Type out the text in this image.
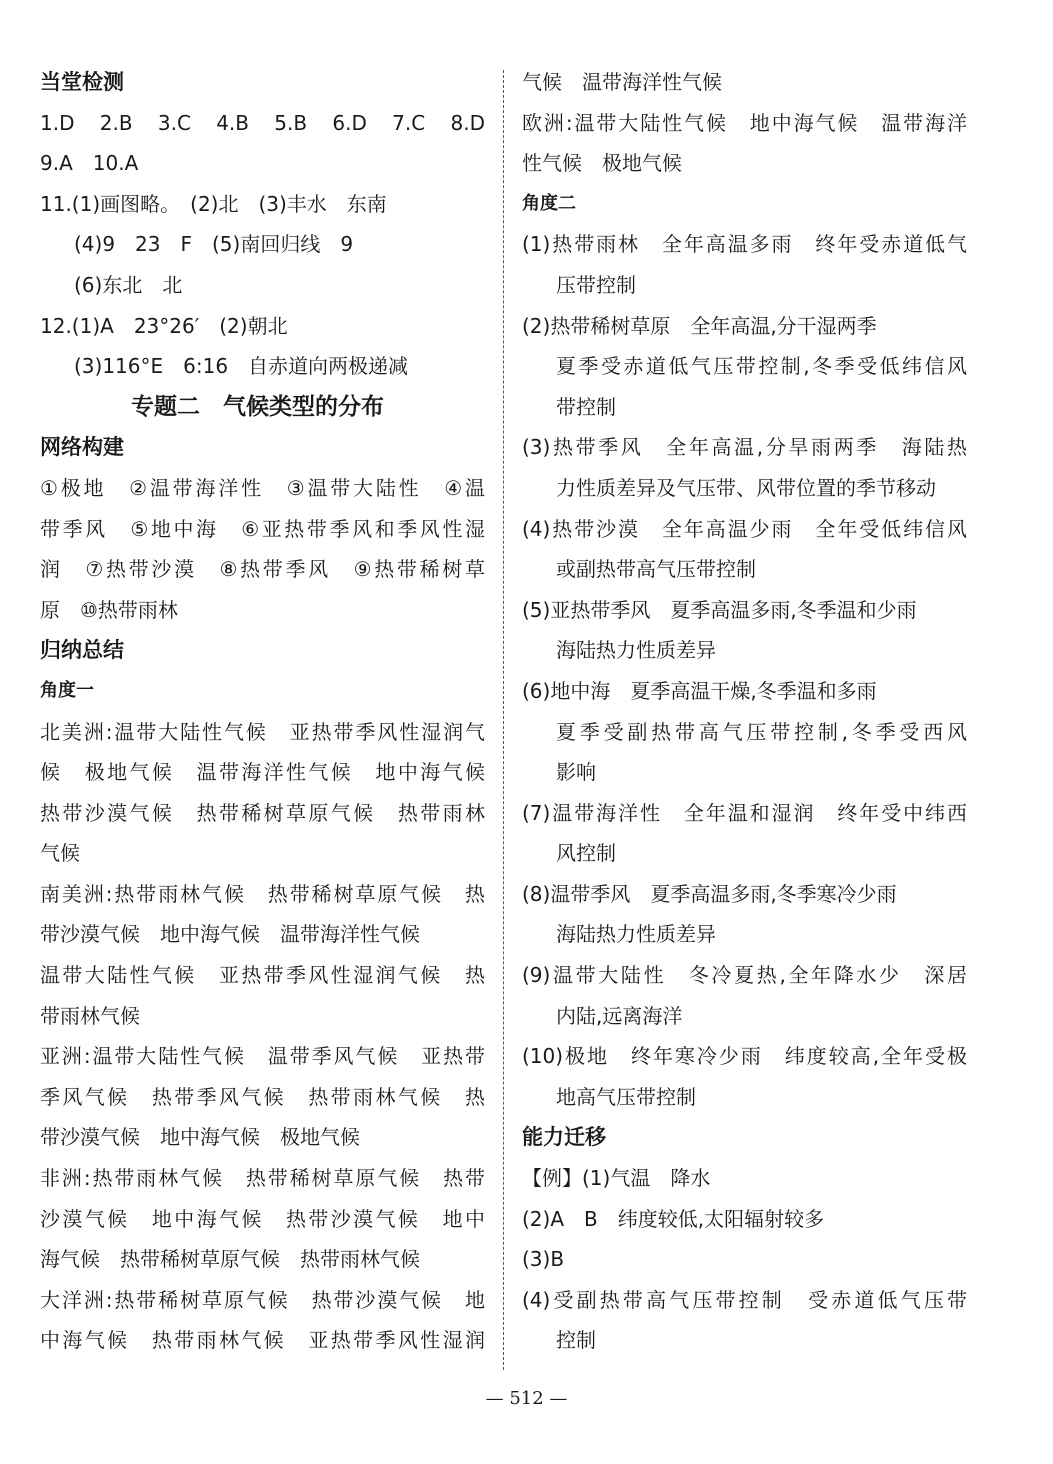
当堂检测
1.D　2.B　3.C　4.B　5.B　6.D　7.C　8.D
9.A　10.A
11.(1)画图略。　(2)北　(3)丰水　东南
(4)9　23　F　(5)南回归线　9
(6)东北　北
12.(1)A　23°26′　(2)朝北
(3)116°E　6:16　自赤道向两极递减
专题二　气候类型的分布
网络构建
①极地　②温带海洋性　③温带大陆性　④温
带季风　⑤地中海　⑥亚热带季风和季风性湿
润　⑦热带沙漠　⑧热带季风　⑨热带稀树草
原　⑩热带雨林
归纳总结
角度一
北美洲:温带大陆性气候　亚热带季风性湿润气
候　极地气候　温带海洋性气候　地中海气候
热带沙漠气候　热带稀树草原气候　热带雨林
气候
南美洲:热带雨林气候　热带稀树草原气候　热
带沙漠气候　地中海气候　温带海洋性气候
温带大陆性气候　亚热带季风性湿润气候　热
带雨林气候
亚洲:温带大陆性气候　温带季风气候　亚热带
季风气候　热带季风气候　热带雨林气候　热
带沙漠气候　地中海气候　极地气候
非洲:热带雨林气候　热带稀树草原气候　热带
沙漠气候　地中海气候　热带沙漠气候　地中
海气候　热带稀树草原气候　热带雨林气候
大洋洲:热带稀树草原气候　热带沙漠气候　地
中海气候　热带雨林气候　亚热带季风性湿润
气候　温带海洋性气候
欧洲:温带大陆性气候　地中海气候　温带海洋
性气候　极地气候
角度二
(1)热带雨林　全年高温多雨　终年受赤道低气
压带控制
(2)热带稀树草原　全年高温,分干湿两季
夏季受赤道低气压带控制,冬季受低纬信风
带控制
(3)热带季风　全年高温,分旱雨两季　海陆热
力性质差异及气压带、风带位置的季节移动
(4)热带沙漠　全年高温少雨　全年受低纬信风
或副热带高气压带控制
(5)亚热带季风　夏季高温多雨,冬季温和少雨
海陆热力性质差异
(6)地中海　夏季高温干燥,冬季温和多雨
夏季受副热带高气压带控制,冬季受西风
影响
(7)温带海洋性　全年温和湿润　终年受中纬西
风控制
(8)温带季风　夏季高温多雨,冬季寒冷少雨
海陆热力性质差异
(9)温带大陆性　冬冷夏热,全年降水少　深居
内陆,远离海洋
(10)极地　终年寒冷少雨　纬度较高,全年受极
地高气压带控制
能力迁移
【例】(1)气温　降水
(2)A　B　纬度较低,太阳辐射较多
(3)B
(4)受副热带高气压带控制　受赤道低气压带
控制
— 512 —
